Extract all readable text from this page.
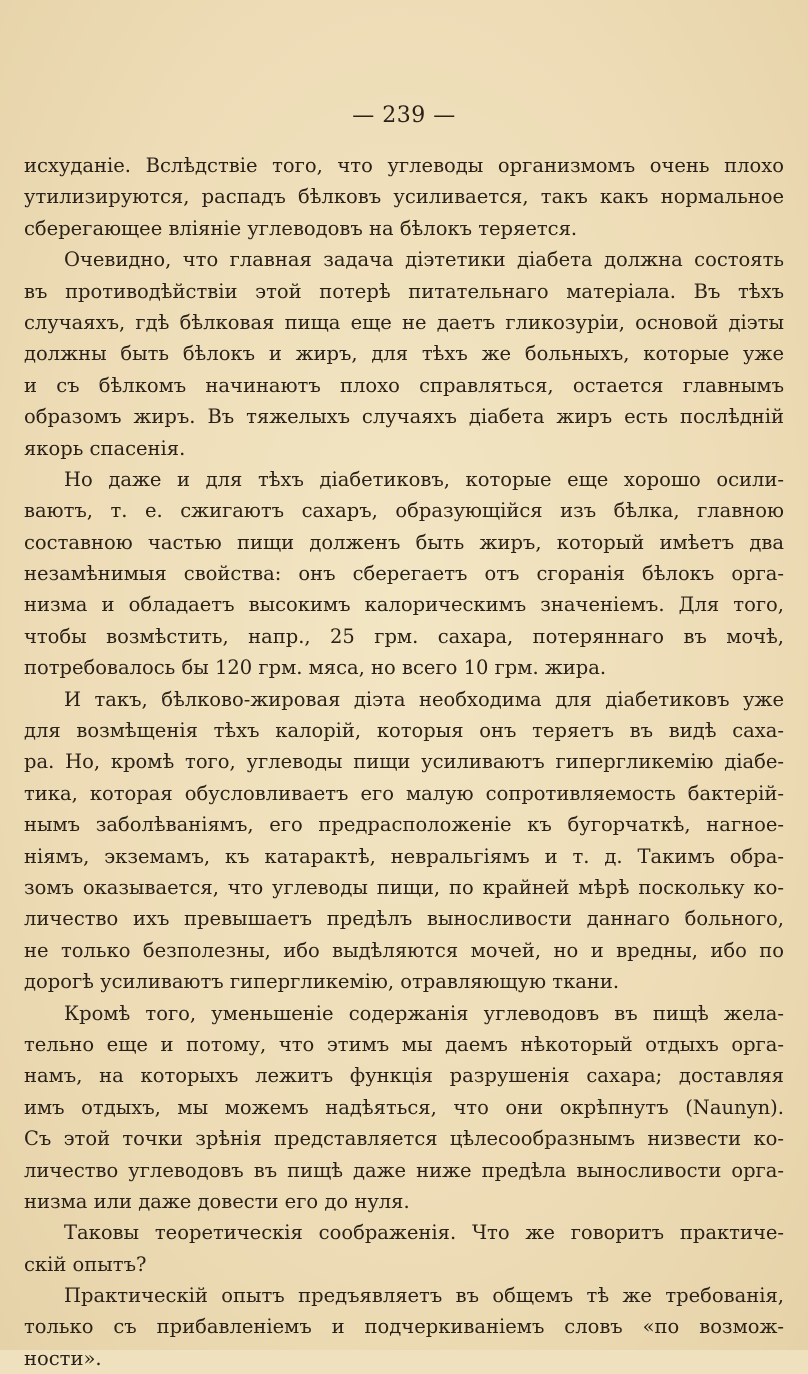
— 239 —
исхуданіе. Вслѣдствіе того, что углеводы организмомъ очень плохо
утилизируются, распадъ бѣлковъ усиливается, такъ какъ нормальное
сберегающее вліяніе углеводовъ на бѣлокъ теряется.
Очевидно, что главная задача діэтетики діабета должна состоять
въ противодѣйствіи этой потерѣ питательнаго матеріала. Въ тѣхъ
случаяхъ, гдѣ бѣлковая пища еще не даетъ гликозуріи, основой діэты
должны быть бѣлокъ и жиръ, для тѣхъ же больныхъ, которые уже
и съ бѣлкомъ начинаютъ плохо справляться, остается главнымъ
образомъ жиръ. Въ тяжелыхъ случаяхъ діабета жиръ есть послѣдній
якорь спасенія.
Но даже и для тѣхъ діабетиковъ, которые еще хорошо осили-
ваютъ, т. е. сжигаютъ сахаръ, образующійся изъ бѣлка, главною
составною частью пищи долженъ быть жиръ, который имѣетъ два
незамѣнимыя свойства: онъ сберегаетъ отъ сгоранія бѣлокъ орга-
низма и обладаетъ высокимъ калорическимъ значеніемъ. Для того,
чтобы возмѣстить, напр., 25 грм. сахара, потеряннаго въ мочѣ,
потребовалось бы 120 грм. мяса, но всего 10 грм. жира.
И такъ, бѣлково-жировая діэта необходима для діабетиковъ уже
для возмѣщенія тѣхъ калорій, которыя онъ теряетъ въ видѣ саха-
ра. Но, кромѣ того, углеводы пищи усиливаютъ гипергликемію діабе-
тика, которая обусловливаетъ его малую сопротивляемость бактерій-
нымъ заболѣваніямъ, его предрасположеніе къ бугорчаткѣ, нагное-
ніямъ, экземамъ, къ катарактѣ, невральгіямъ и т. д. Такимъ обра-
зомъ оказывается, что углеводы пищи, по крайней мѣрѣ поскольку ко-
личество ихъ превышаетъ предѣлъ выносливости даннаго больного,
не только безполезны, ибо выдѣляются мочей, но и вредны, ибо по
дорогѣ усиливаютъ гипергликемію, отравляющую ткани.
Кромѣ того, уменьшеніе содержанія углеводовъ въ пищѣ жела-
тельно еще и потому, что этимъ мы даемъ нѣкоторый отдыхъ орга-
намъ, на которыхъ лежитъ функція разрушенія сахара; доставляя
имъ отдыхъ, мы можемъ надѣяться, что они окрѣпнутъ (Naunyn).
Съ этой точки зрѣнія представляется цѣлесообразнымъ низвести ко-
личество углеводовъ въ пищѣ даже ниже предѣла выносливости орга-
низма или даже довести его до нуля.
Таковы теоретическія соображенія. Что же говоритъ практиче-
скій опытъ?
Практическій опытъ предъявляетъ въ общемъ тѣ же требованія,
только съ прибавленіемъ и подчеркиваніемъ словъ «по возмож-
ности».
